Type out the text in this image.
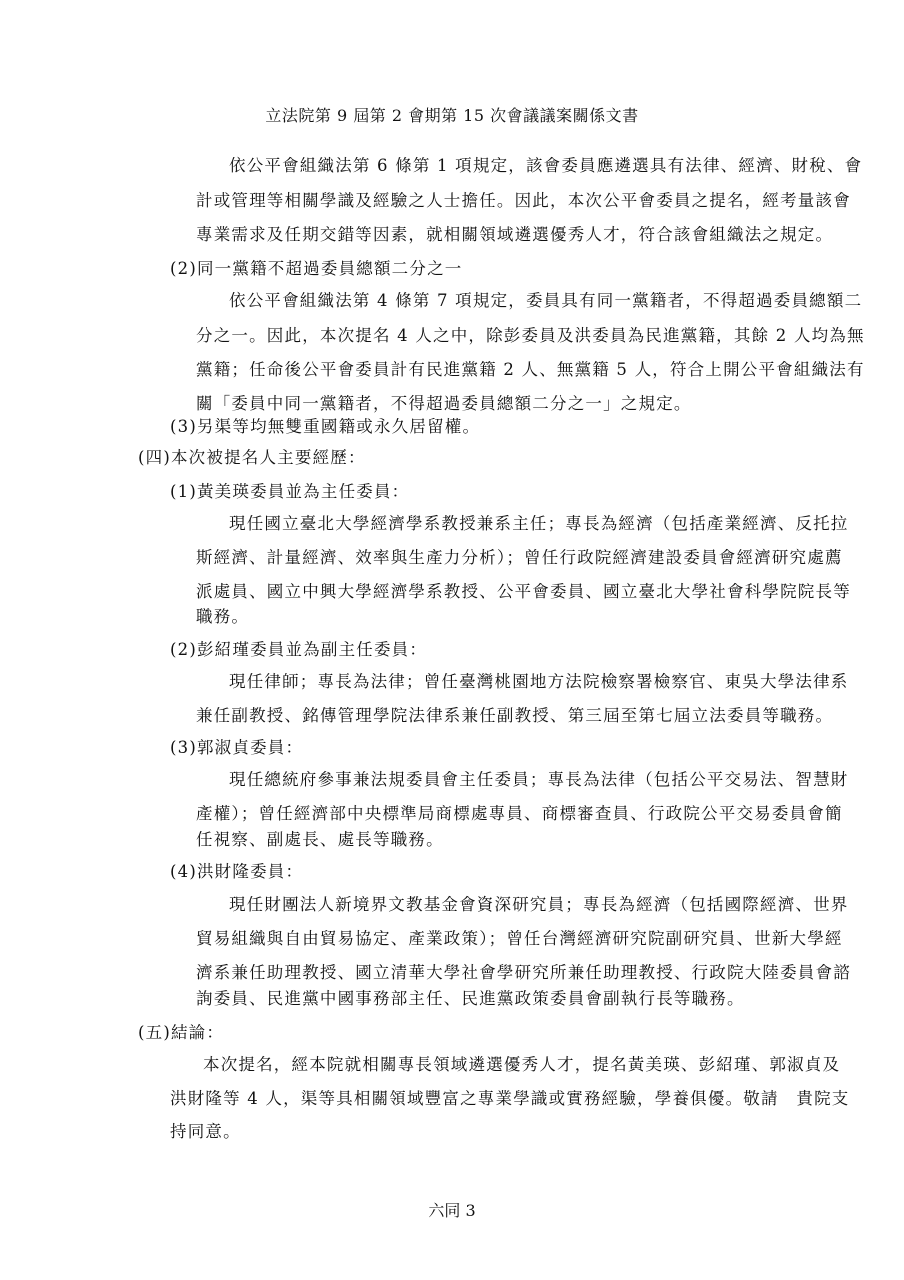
立法院第 9 屆第 2 會期第 15 次會議議案關係文書
依公平會組織法第 6 條第 1 項規定，該會委員應遴選具有法律、經濟、財稅、會
計或管理等相關學識及經驗之人士擔任。因此，本次公平會委員之提名，經考量該會
專業需求及任期交錯等因素，就相關領域遴選優秀人才，符合該會組織法之規定。
(2)同一黨籍不超過委員總額二分之一
依公平會組織法第 4 條第 7 項規定，委員具有同一黨籍者，不得超過委員總額二
分之一。因此，本次提名 4 人之中，除彭委員及洪委員為民進黨籍，其餘 2 人均為無
黨籍；任命後公平會委員計有民進黨籍 2 人、無黨籍 5 人，符合上開公平會組織法有
關「委員中同一黨籍者，不得超過委員總額二分之一」之規定。
(3)另渠等均無雙重國籍或永久居留權。
(四)本次被提名人主要經歷：
(1)黃美瑛委員並為主任委員：
現任國立臺北大學經濟學系教授兼系主任；專長為經濟（包括產業經濟、反托拉
斯經濟、計量經濟、效率與生產力分析）；曾任行政院經濟建設委員會經濟研究處薦
派處員、國立中興大學經濟學系教授、公平會委員、國立臺北大學社會科學院院長等
職務。
(2)彭紹瑾委員並為副主任委員：
現任律師；專長為法律；曾任臺灣桃園地方法院檢察署檢察官、東吳大學法律系
兼任副教授、銘傳管理學院法律系兼任副教授、第三屆至第七屆立法委員等職務。
(3)郭淑貞委員：
現任總統府參事兼法規委員會主任委員；專長為法律（包括公平交易法、智慧財
產權）；曾任經濟部中央標準局商標處專員、商標審查員、行政院公平交易委員會簡
任視察、副處長、處長等職務。
(4)洪財隆委員：
現任財團法人新境界文教基金會資深研究員；專長為經濟（包括國際經濟、世界
貿易組織與自由貿易協定、產業政策）；曾任台灣經濟研究院副研究員、世新大學經
濟系兼任助理教授、國立清華大學社會學研究所兼任助理教授、行政院大陸委員會諮
詢委員、民進黨中國事務部主任、民進黨政策委員會副執行長等職務。
(五)結論：
本次提名，經本院就相關專長領域遴選優秀人才，提名黃美瑛、彭紹瑾、郭淑貞及
洪財隆等 4 人，渠等具相關領域豐富之專業學識或實務經驗，學養俱優。敬請　貴院支
持同意。
六同 3
